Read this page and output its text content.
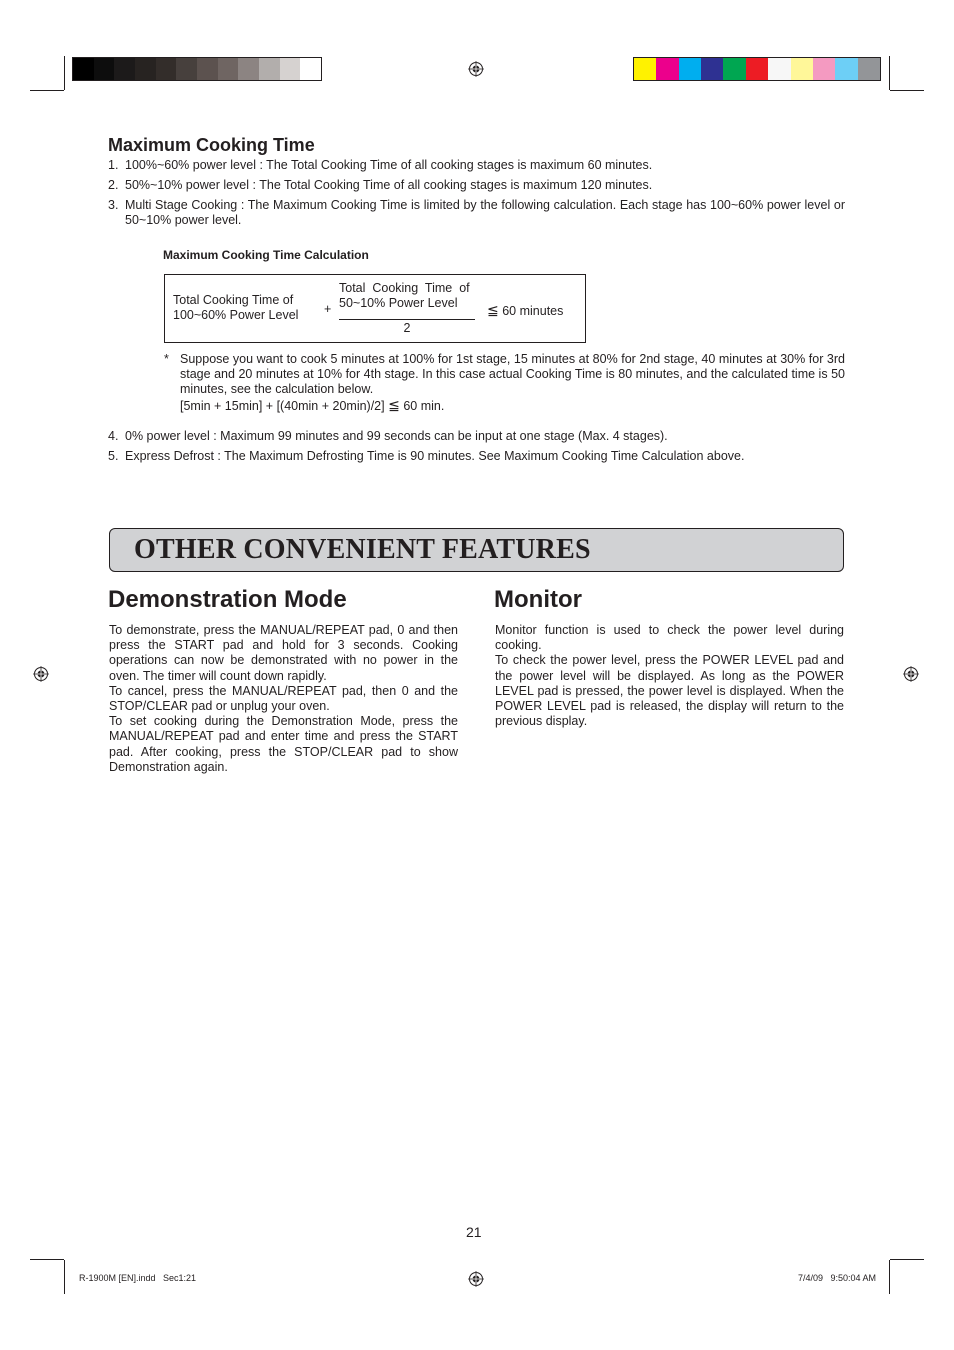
Maximum Cooking Time
1. 100%~60% power level : The Total Cooking Time of all cooking stages is maximum 60 minutes.
2. 50%~10% power level : The Total Cooking Time of all cooking stages is maximum 120 minutes.
3. Multi Stage Cooking : The Maximum Cooking Time is limited by the following calculation. Each stage has 100~60% power level or 50~10% power level.
Maximum Cooking Time Calculation
Total Cooking Time of
100~60% Power Level	+
Total  Cooking  Time  of
50~10% Power Level
2
≦ 60 minutes
* Suppose you want to cook 5 minutes at 100% for 1st stage, 15 minutes at 80% for 2nd stage, 40 minutes at 30% for 3rd stage and 20 minutes at 10% for 4th stage. In this case actual Cooking Time is 80 minutes, and the calculated time is 50 minutes, see the calculation below.
[5min + 15min] + [(40min + 20min)/2] ≦ 60 min.
4. 0% power level : Maximum 99 minutes and 99 seconds can be input at one stage (Max. 4 stages).
5. Express Defrost : The Maximum Defrosting Time is 90 minutes. See Maximum Cooking Time Calculation above.
OTHER CONVENIENT FEATURES
Demonstration Mode

To demonstrate, press the MANUAL/REPEAT pad, 0 and then press the START pad and hold for 3 seconds. Cooking operations can now be demonstrated with no power in the oven. The timer will count down rapidly.

To cancel, press the MANUAL/REPEAT pad, then 0 and the STOP/CLEAR pad or unplug your oven.

To set cooking during the Demonstration Mode, press the MANUAL/REPEAT pad and enter time and press the START pad. After cooking, press the STOP/CLEAR pad to show Demonstration again.

Monitor

Monitor function is used to check the power level during cooking.

To check the power level, press the POWER LEVEL pad and the power level will be displayed. As long as the POWER LEVEL pad is pressed, the power level is displayed. When the POWER LEVEL pad is released, the display will return to the previous display.

21
R-1900M [EN].indd   Sec1:21	7/4/09   9:50:04 AM
